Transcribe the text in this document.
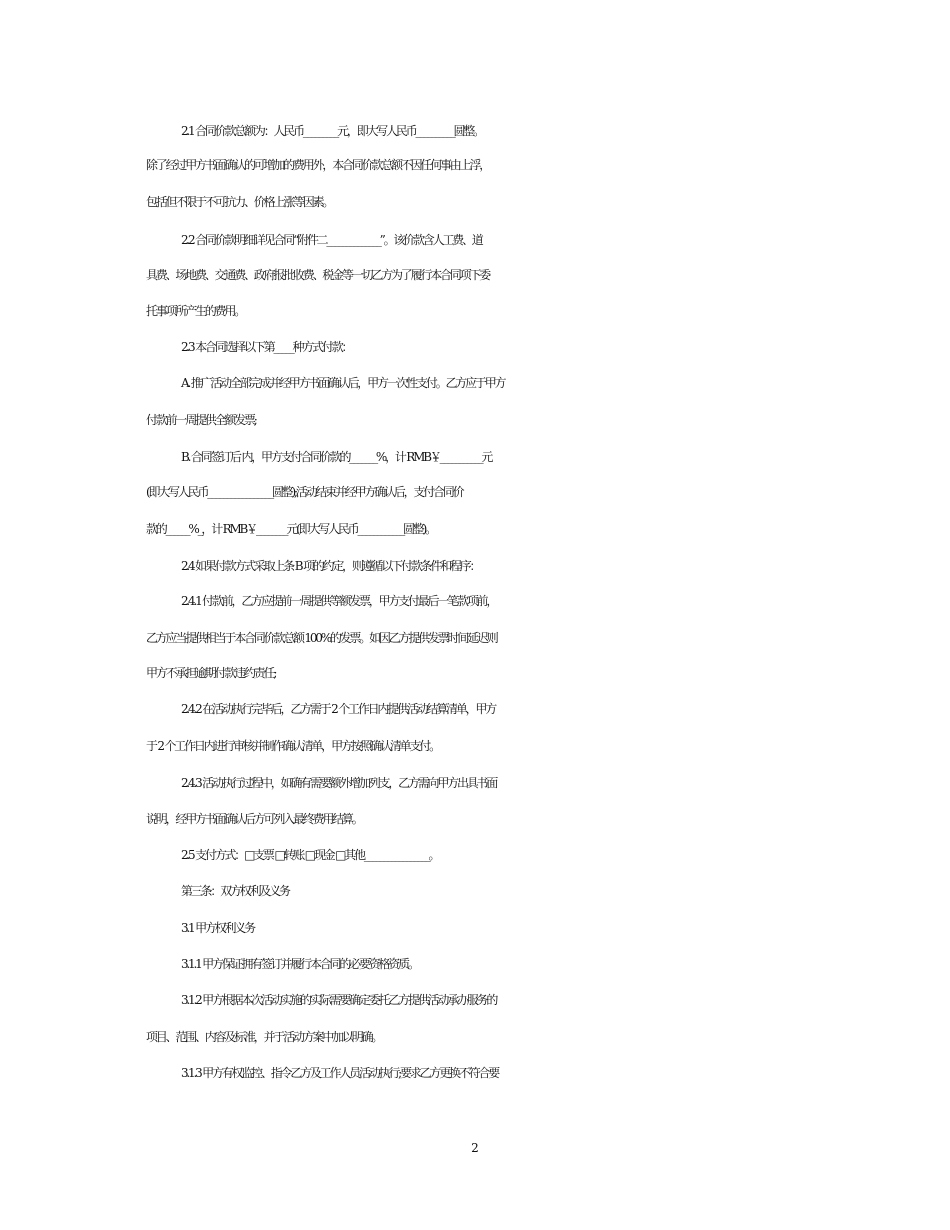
2.1 合同价款总额为：人民币_________元，即大写人民币__________圆整。
除了经过甲方书面确认的可增加的费用外，本合同价款总额不因任何事由上浮，
包括但不限于不可抗力、价格上涨等因素。
2.2 合同价款明细详见合同“附件二______________”。该价款含人工费、道
具费、场地费、交通费、政府报批收费、税金等一切乙方为了履行本合同项下委
托事项所产生的费用。
2.3 本合同选择以下第_____种方式付款：
A. 推广活动全部完成并经甲方书面确认后，甲方一次性支付。乙方应于甲方
付款前一周提供全额发票;
B. 合同签订后 内，甲方支付合同价款的_______%，计 RMB￥___________元
(即大写人民币_________________圆整);活动结束并经甲方确认后，支付合同价
款的______%_，计 RMB￥________元(即大写人民币____________圆整)。
2.4 如果付款方式采取上条 B 项的约定，则遵循以下付款条件和程序：
2.4.1 付款前，乙方应提前一周提供等额发票，甲方支付最后一笔款项前，
乙方应当提供相当于本合同价款总额 100%的发票。如因乙方提供发票时间延迟则
甲方不承担逾期付款违约责任;
2.4.2 在活动执行完毕后，乙方需于 2 个工作日内提供活动结算清单，甲方
于 2 个工作日内进行审核并制作确认清单，甲方按照确认清单支付。
2.4.3 活动执行过程中，如确有需要额外增加列支，乙方需向甲方出具书面
说明，经甲方书面确认后方可列入最终费用结算。
2.5 支付方式：□支票 □转账 □现金 □其他_________________。
第三条：双方权利及义务
3.1 甲方权利义务
3.1.1 甲方保证拥有签订并履行本合同的必要资格资质。
3.1.2 甲方根据本次活动实施的实际需要确定委托乙方提供活动承办服务的
项目、范围、内容及标准，并于活动方案中加以明确。
3.1.3 甲方有权监控、指令乙方及工作人员活动执行;要求乙方更换不符合要
2
